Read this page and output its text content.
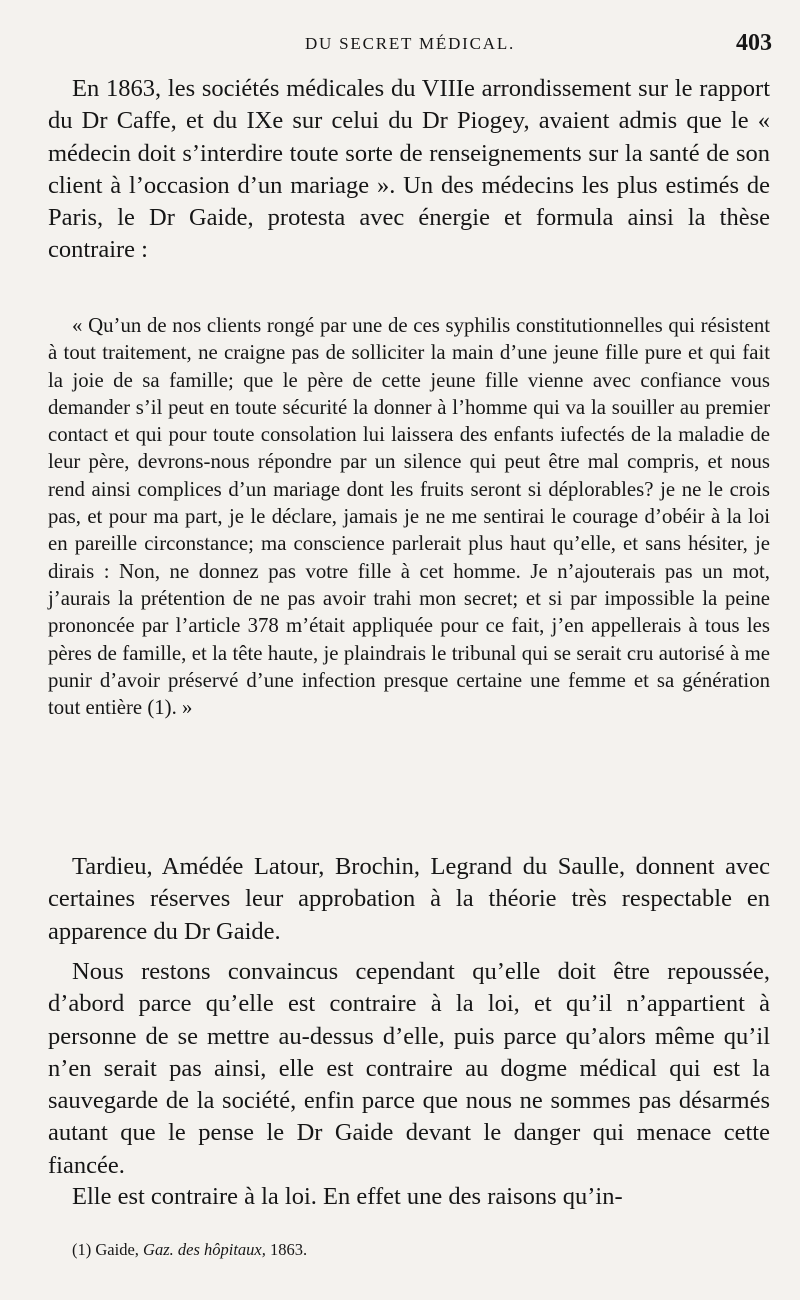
DU SECRET MÉDICAL.	403

En 1863, les sociétés médicales du VIIIe arrondissement sur le rapport du Dr Caffe, et du IXe sur celui du Dr Piogey, avaient admis que le « médecin doit s’interdire toute sorte de renseignements sur la santé de son client à l’occasion d’un mariage ». Un des médecins les plus estimés de Paris, le Dr Gaide, protesta avec énergie et formula ainsi la thèse contraire :

« Qu’un de nos clients rongé par une de ces syphilis constitutionnelles qui résistent à tout traitement, ne craigne pas de solliciter la main d’une jeune fille pure et qui fait la joie de sa famille; que le père de cette jeune fille vienne avec confiance vous demander s’il peut en toute sécurité la donner à l’homme qui va la souiller au premier contact et qui pour toute consolation lui laissera des enfants iufectés de la maladie de leur père, devrons-nous répondre par un silence qui peut être mal compris, et nous rend ainsi complices d’un mariage dont les fruits seront si déplorables? je ne le crois pas, et pour ma part, je le déclare, jamais je ne me sentirai le courage d’obéir à la loi en pareille circonstance; ma conscience parlerait plus haut qu’elle, et sans hésiter, je dirais : Non, ne donnez pas votre fille à cet homme. Je n’ajouterais pas un mot, j’aurais la prétention de ne pas avoir trahi mon secret; et si par impossible la peine prononcée par l’article 378 m’était appliquée pour ce fait, j’en appellerais à tous les pères de famille, et la tête haute, je plaindrais le tribunal qui se serait cru autorisé à me punir d’avoir préservé d’une infection presque certaine une femme et sa génération tout entière (1). »

Tardieu, Amédée Latour, Brochin, Legrand du Saulle, donnent avec certaines réserves leur approbation à la théorie très respectable en apparence du Dr Gaide.

Nous restons convaincus cependant qu’elle doit être repoussée, d’abord parce qu’elle est contraire à la loi, et qu’il n’appartient à personne de se mettre au-dessus d’elle, puis parce qu’alors même qu’il n’en serait pas ainsi, elle est contraire au dogme médical qui est la sauvegarde de la société, enfin parce que nous ne sommes pas désarmés autant que le pense le Dr Gaide devant le danger qui menace cette fiancée.

Elle est contraire à la loi. En effet une des raisons qu’in-

(1) Gaide, Gaz. des hôpitaux, 1863.
